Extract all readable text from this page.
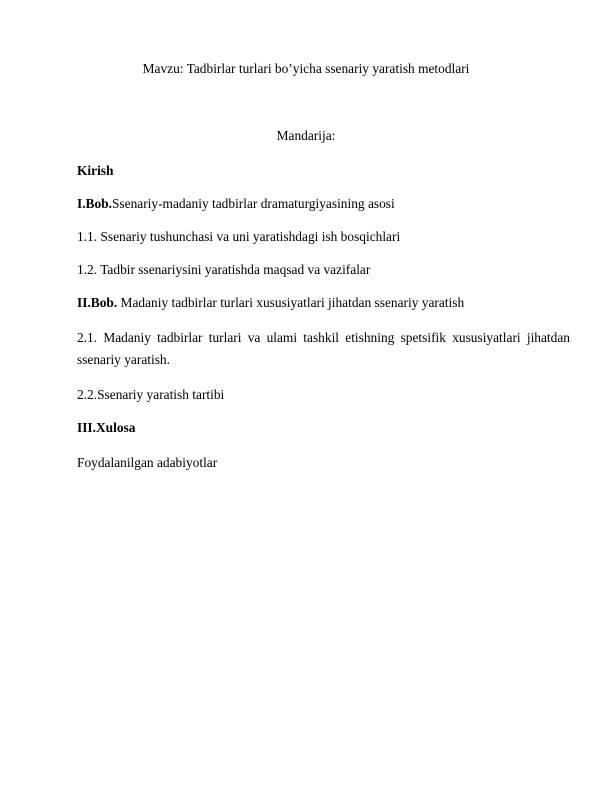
Mavzu: Tadbirlar turlari bo’yicha ssenariy yaratish metodlari
Mandarija:
Kirish
I.Bob.Ssenariy-madaniy tadbirlar dramaturgiyasining asosi
1.1. Ssenariy tushunchasi va uni yaratishdagi ish bosqichlari
1.2. Tadbir ssenariysini yaratishda maqsad va vazifalar
II.Bob. Madaniy tadbirlar turlari xususiyatlari jihatdan ssenariy yaratish
2.1. Madaniy tadbirlar turlari va ulami tashkil etishning spetsifik xususiyatlari jihatdan ssenariy yaratish.
2.2.Ssenariy yaratish tartibi
III.Xulosa
Foydalanilgan adabiyotlar
